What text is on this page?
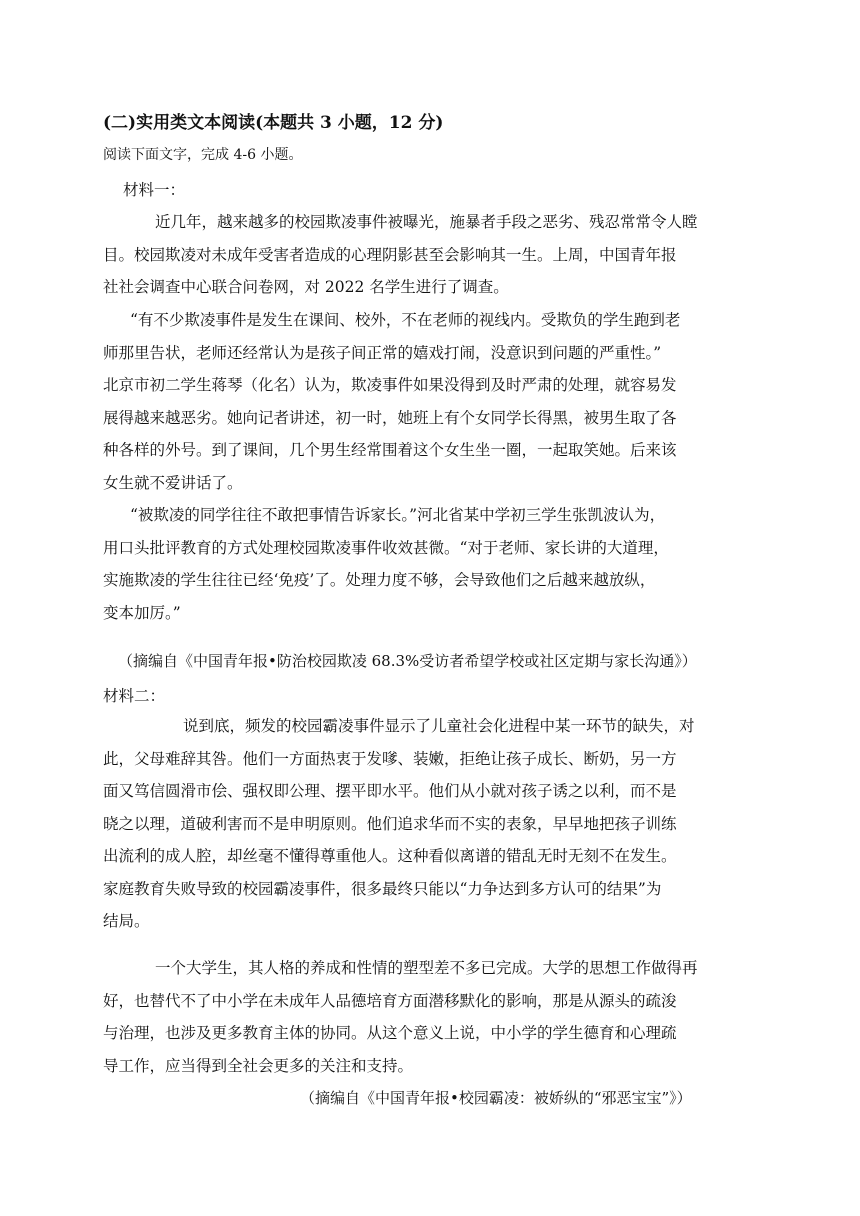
(二)实用类文本阅读(本题共 3 小题，12 分)
阅读下面文字，完成 4-6 小题。
材料一：
近几年，越来越多的校园欺凌事件被曝光，施暴者手段之恶劣、残忍常常令人瞠
目。校园欺凌对未成年受害者造成的心理阴影甚至会影响其一生。上周，中国青年报
社社会调查中心联合问卷网，对 2022 名学生进行了调查。
“有不少欺凌事件是发生在课间、校外，不在老师的视线内。受欺负的学生跑到老
师那里告状，老师还经常认为是孩子间正常的嬉戏打闹，没意识到问题的严重性。”
北京市初二学生蒋琴（化名）认为，欺凌事件如果没得到及时严肃的处理，就容易发
展得越来越恶劣。她向记者讲述，初一时，她班上有个女同学长得黑，被男生取了各
种各样的外号。到了课间，几个男生经常围着这个女生坐一圈，一起取笑她。后来该
女生就不爱讲话了。
“被欺凌的同学往往不敢把事情告诉家长。”河北省某中学初三学生张凯波认为，
用口头批评教育的方式处理校园欺凌事件收效甚微。“对于老师、家长讲的大道理，
实施欺凌的学生往往已经‘免疫’了。处理力度不够，会导致他们之后越来越放纵，
变本加厉。”
（摘编自《中国青年报•防治校园欺凌 68.3%受访者希望学校或社区定期与家长沟通》）
材料二：
说到底，频发的校园霸凌事件显示了儿童社会化进程中某一环节的缺失，对
此，父母难辞其咎。他们一方面热衷于发嗲、装嫩，拒绝让孩子成长、断奶，另一方
面又笃信圆滑市侩、强权即公理、摆平即水平。他们从小就对孩子诱之以利，而不是
晓之以理，道破利害而不是申明原则。他们追求华而不实的表象，早早地把孩子训练
出流利的成人腔，却丝毫不懂得尊重他人。这种看似离谱的错乱无时无刻不在发生。
家庭教育失败导致的校园霸凌事件，很多最终只能以“力争达到多方认可的结果”为
结局。
一个大学生，其人格的养成和性情的塑型差不多已完成。大学的思想工作做得再
好，也替代不了中小学在未成年人品德培育方面潜移默化的影响，那是从源头的疏浚
与治理，也涉及更多教育主体的协同。从这个意义上说，中小学的学生德育和心理疏
导工作，应当得到全社会更多的关注和支持。
（摘编自《中国青年报•校园霸凌：被娇纵的“邪恶宝宝”》）
